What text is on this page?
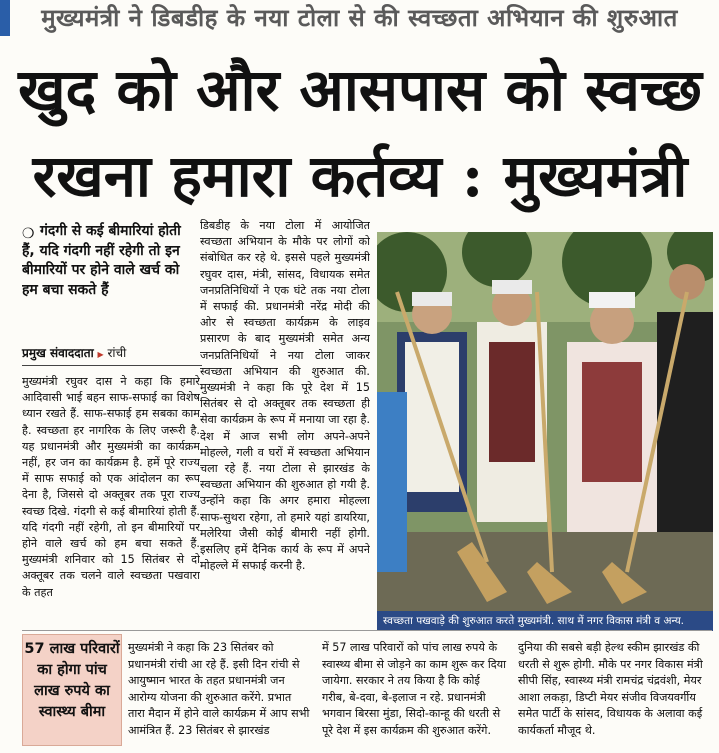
मुख्यमंत्री ने डिबडीह के नया टोला से की स्वच्छता अभियान की शुरुआत
खुद को और आसपास को स्वच्छ
रखना हमारा कर्तव्य : मुख्यमंत्री
❍ गंदगी से कई बीमारियां होती हैं, यदि गंदगी नहीं रहेगी तो इन बीमारियों पर होने वाले खर्च को हम बचा सकते हैं
प्रमुख संवाददाता ▶ रांची
मुख्यमंत्री रघुवर दास ने कहा कि हमारे आदिवासी भाई बहन साफ-सफाई का विशेष ध्यान रखते हैं. साफ-सफाई हम सबका काम है. स्वच्छता हर नागरिक के लिए जरूरी है. यह प्रधानमंत्री और मुख्यमंत्री का कार्यक्रम नहीं, हर जन का कार्यक्रम है. हमें पूरे राज्य में साफ सफाई को एक आंदोलन का रूप देना है, जिससे दो अक्तूबर तक पूरा राज्य स्वच्छ दिखे. गंदगी से कई बीमारियां होती हैं. यदि गंदगी नहीं रहेगी, तो इन बीमारियों पर होने वाले खर्च को हम बचा सकते हैं. मुख्यमंत्री शनिवार को 15 सितंबर से दो अक्तूबर तक चलने वाले स्वच्छता पखवारा के तहत
डिबडीह के नया टोला में आयोजित स्वच्छता अभियान के मौके पर लोगों को संबोधित कर रहे थे. इससे पहले मुख्यमंत्री रघुवर दास, मंत्री, सांसद, विधायक समेत जनप्रतिनिधियों ने एक घंटे तक नया टोला में सफाई की. प्रधानमंत्री नरेंद्र मोदी की ओर से स्वच्छता कार्यक्रम के लाइव प्रसारण के बाद मुख्यमंत्री समेत अन्य जनप्रतिनिधियों ने नया टोला जाकर स्वच्छता अभियान की शुरुआत की. मुख्यमंत्री ने कहा कि पूरे देश में 15 सितंबर से दो अक्तूबर तक स्वच्छता ही सेवा कार्यक्रम के रूप में मनाया जा रहा है. देश में आज सभी लोग अपने-अपने मोहल्ले, गली व घरों में स्वच्छता अभियान चला रहे हैं. नया टोला से झारखंड के स्वच्छता अभियान की शुरुआत हो गयी है. उन्होंने कहा कि अगर हमारा मोहल्ला साफ-सुथरा रहेगा, तो हमारे यहां डायरिया, मलेरिया जैसी कोई बीमारी नहीं होगी. इसलिए हमें दैनिक कार्य के रूप में अपने मोहल्ले में सफाई करनी है.
स्वच्छता पखवाड़े की शुरुआत करते मुख्यमंत्री. साथ में नगर विकास मंत्री व अन्य.
57 लाख परिवारों का होगा पांच लाख रुपये का स्वास्थ्य बीमा
मुख्यमंत्री ने कहा कि 23 सितंबर को प्रधानमंत्री रांची आ रहे हैं. इसी दिन रांची से आयुष्मान भारत के तहत प्रधानमंत्री जन आरोग्य योजना की शुरुआत करेंगे. प्रभात तारा मैदान में होने वाले कार्यक्रम में आप सभी आमंत्रित हैं. 23 सितंबर से झारखंड
में 57 लाख परिवारों को पांच लाख रुपये के स्वास्थ्य बीमा से जोड़ने का काम शुरू कर दिया जायेगा. सरकार ने तय किया है कि कोई गरीब, बे-दवा, बे-इलाज न रहे. प्रधानमंत्री भगवान बिरसा मुंडा, सिदो-कान्हू की धरती से पूरे देश में इस कार्यक्रम की शुरुआत करेंगे.
दुनिया की सबसे बड़ी हेल्थ स्कीम झारखंड की धरती से शुरू होगी. मौके पर नगर विकास मंत्री सीपी सिंह, स्वास्थ्य मंत्री रामचंद्र चंद्रवंशी, मेयर आशा लकड़ा, डिप्टी मेयर संजीव विजयवर्गीय समेत पार्टी के सांसद, विधायक के अलावा कई कार्यकर्ता मौजूद थे.
